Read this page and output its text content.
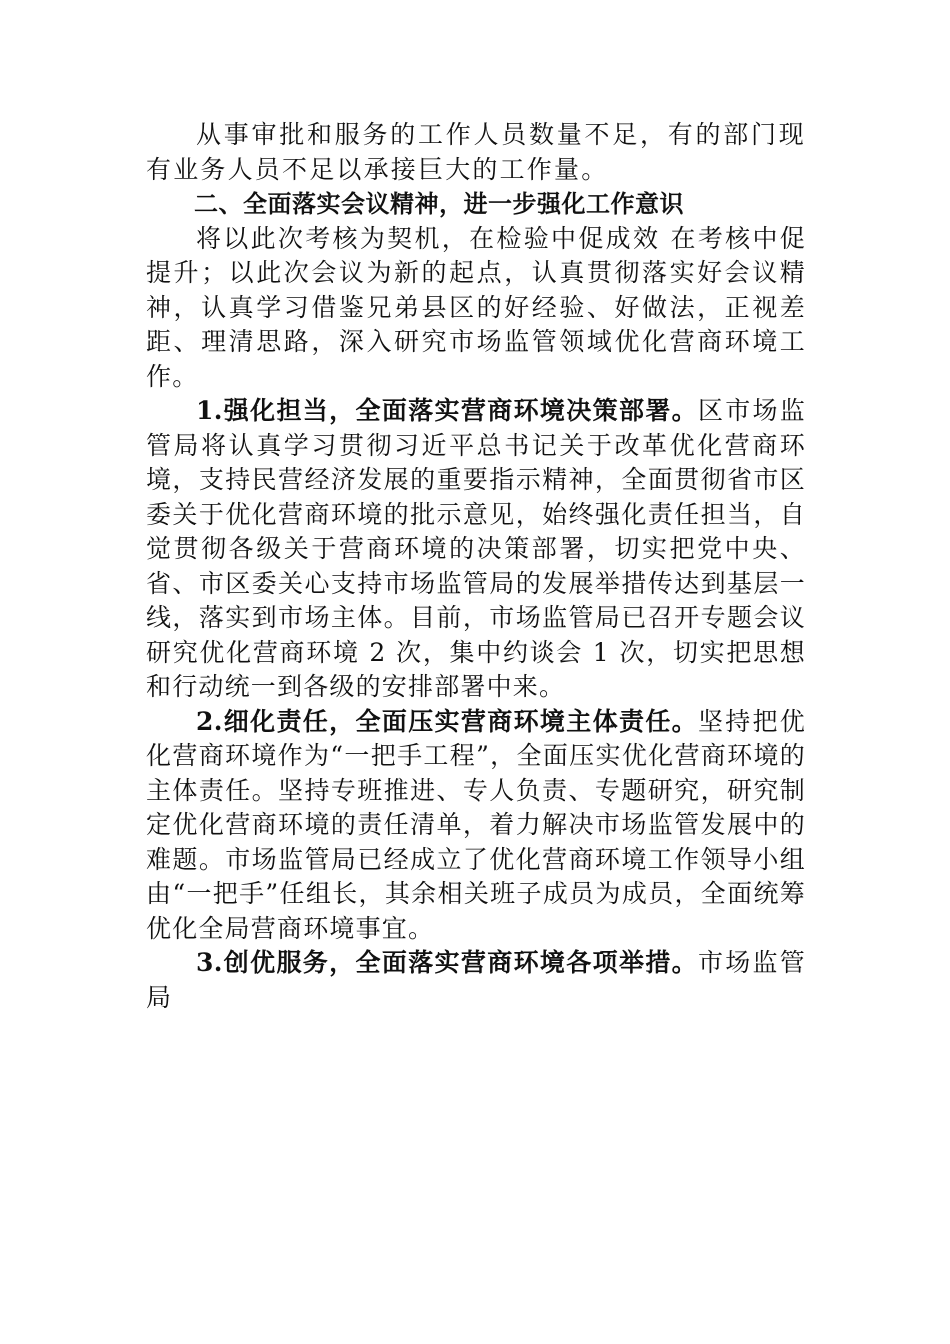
从事审批和服务的工作人员数量不足，有的部门现有业务人员不足以承接巨大的工作量。

二、全面落实会议精神，进一步强化工作意识

将以此次考核为契机，在检验中促成效 在考核中促提升；以此次会议为新的起点，认真贯彻落实好会议精神，认真学习借鉴兄弟县区的好经验、好做法，正视差距、理清思路，深入研究市场监管领域优化营商环境工作。

1.强化担当，全面落实营商环境决策部署。区市场监管局将认真学习贯彻习近平总书记关于改革优化营商环境，支持民营经济发展的重要指示精神，全面贯彻省市区委关于优化营商环境的批示意见，始终强化责任担当，自觉贯彻各级关于营商环境的决策部署，切实把党中央、省、市区委关心支持市场监管局的发展举措传达到基层一线，落实到市场主体。目前，市场监管局已召开专题会议研究优化营商环境 2 次，集中约谈会 1 次，切实把思想和行动统一到各级的安排部署中来。

2.细化责任，全面压实营商环境主体责任。坚持把优化营商环境作为“一把手工程”，全面压实优化营商环境的主体责任。坚持专班推进、专人负责、专题研究，研究制定优化营商环境的责任清单，着力解决市场监管发展中的难题。市场监管局已经成立了优化营商环境工作领导小组由“一把手”任组长，其余相关班子成员为成员，全面统筹优化全局营商环境事宜。

3.创优服务，全面落实营商环境各项举措。市场监管局
